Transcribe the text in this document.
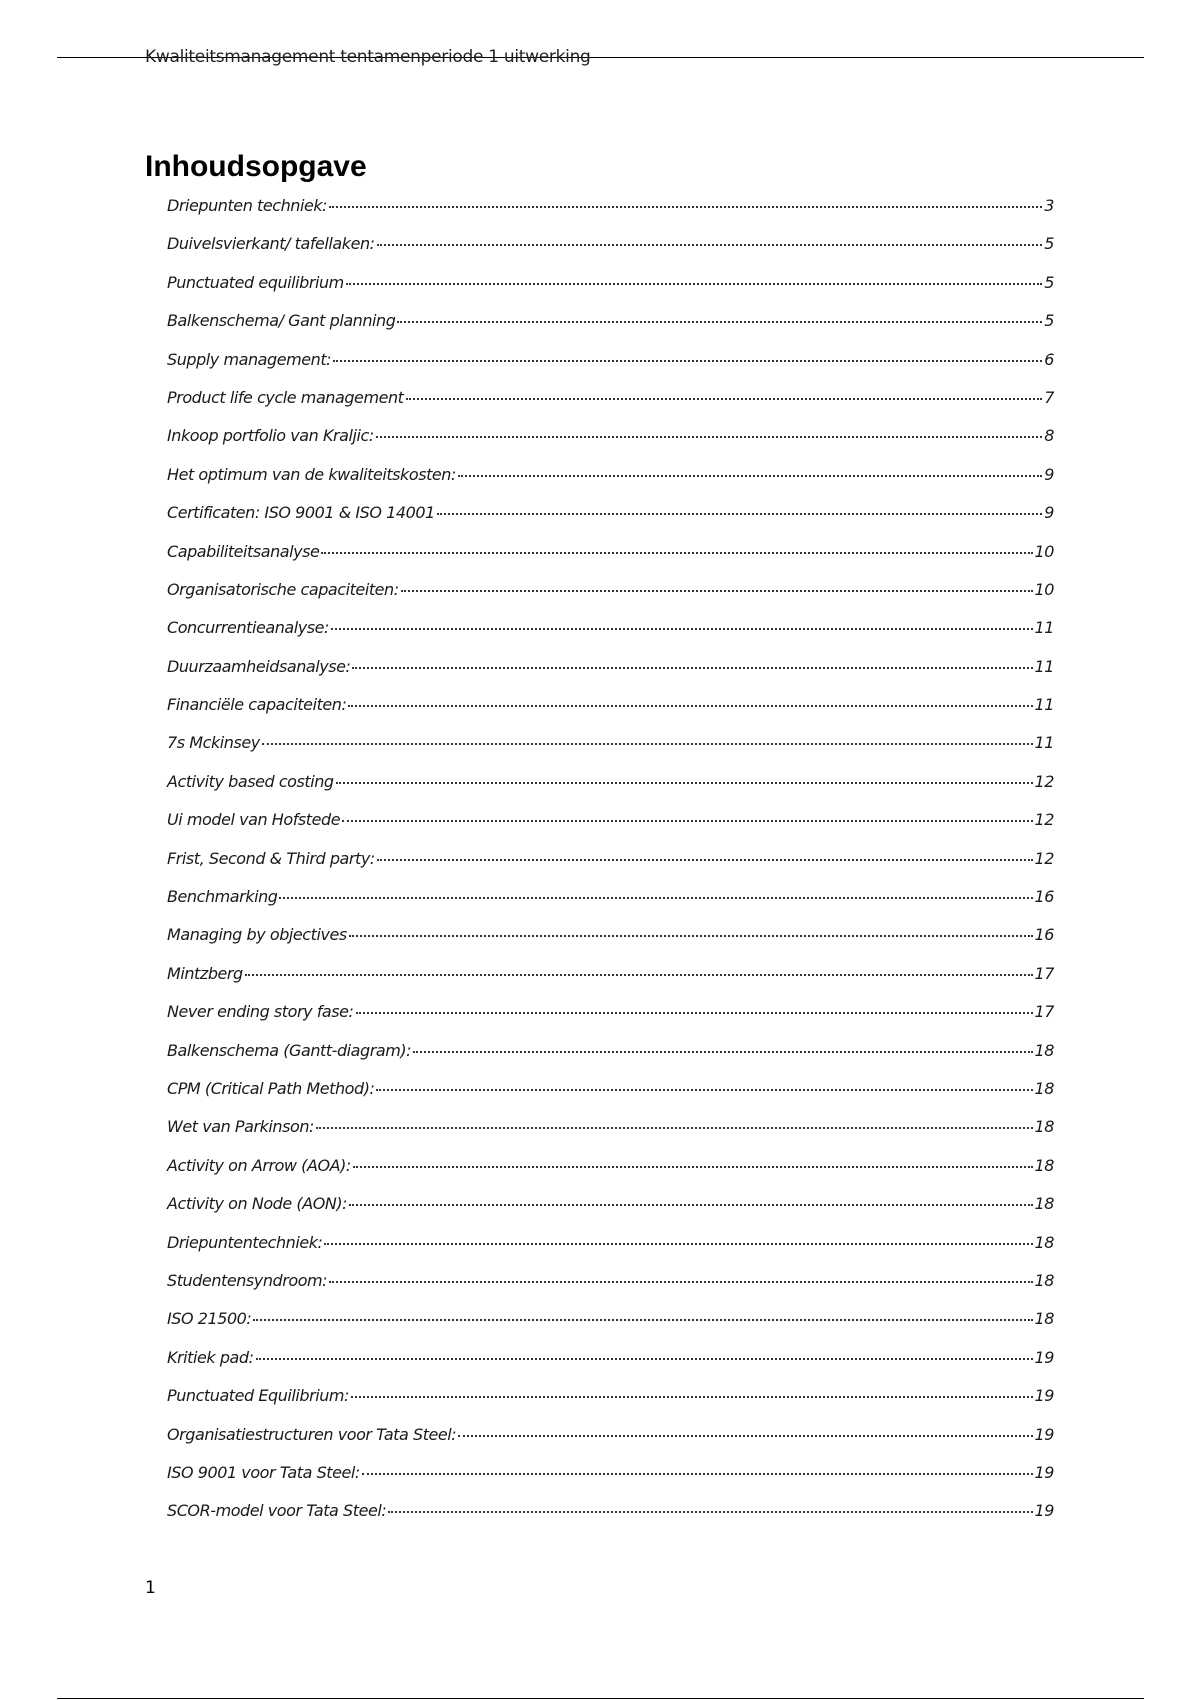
Kwaliteitsmanagement tentamenperiode 1 uitwerking
Inhoudsopgave
Driepunten techniek:	3
Duivelsvierkant/ tafellaken:	5
Punctuated equilibrium	5
Balkenschema/ Gant planning	5
Supply management:	6
Product life cycle management	7
Inkoop portfolio van Kraljic:	8
Het optimum van de kwaliteitskosten:	9
Certificaten: ISO 9001 & ISO 14001	9
Capabiliteitsanalyse	10
Organisatorische capaciteiten:	10
Concurrentieanalyse:	11
Duurzaamheidsanalyse:	11
Financiële capaciteiten:	11
7s Mckinsey	11
Activity based costing	12
Ui model van Hofstede	12
Frist, Second & Third party:	12
Benchmarking	16
Managing by objectives	16
Mintzberg	17
Never ending story fase:	17
Balkenschema (Gantt-diagram):	18
CPM (Critical Path Method):	18
Wet van Parkinson:	18
Activity on Arrow (AOA):	18
Activity on Node (AON):	18
Driepuntentechniek:	18
Studentensyndroom:	18
ISO 21500:	18
Kritiek pad:	19
Punctuated Equilibrium:	19
Organisatiestructuren voor Tata Steel:	19
ISO 9001 voor Tata Steel:	19
SCOR-model voor Tata Steel:	19
1
